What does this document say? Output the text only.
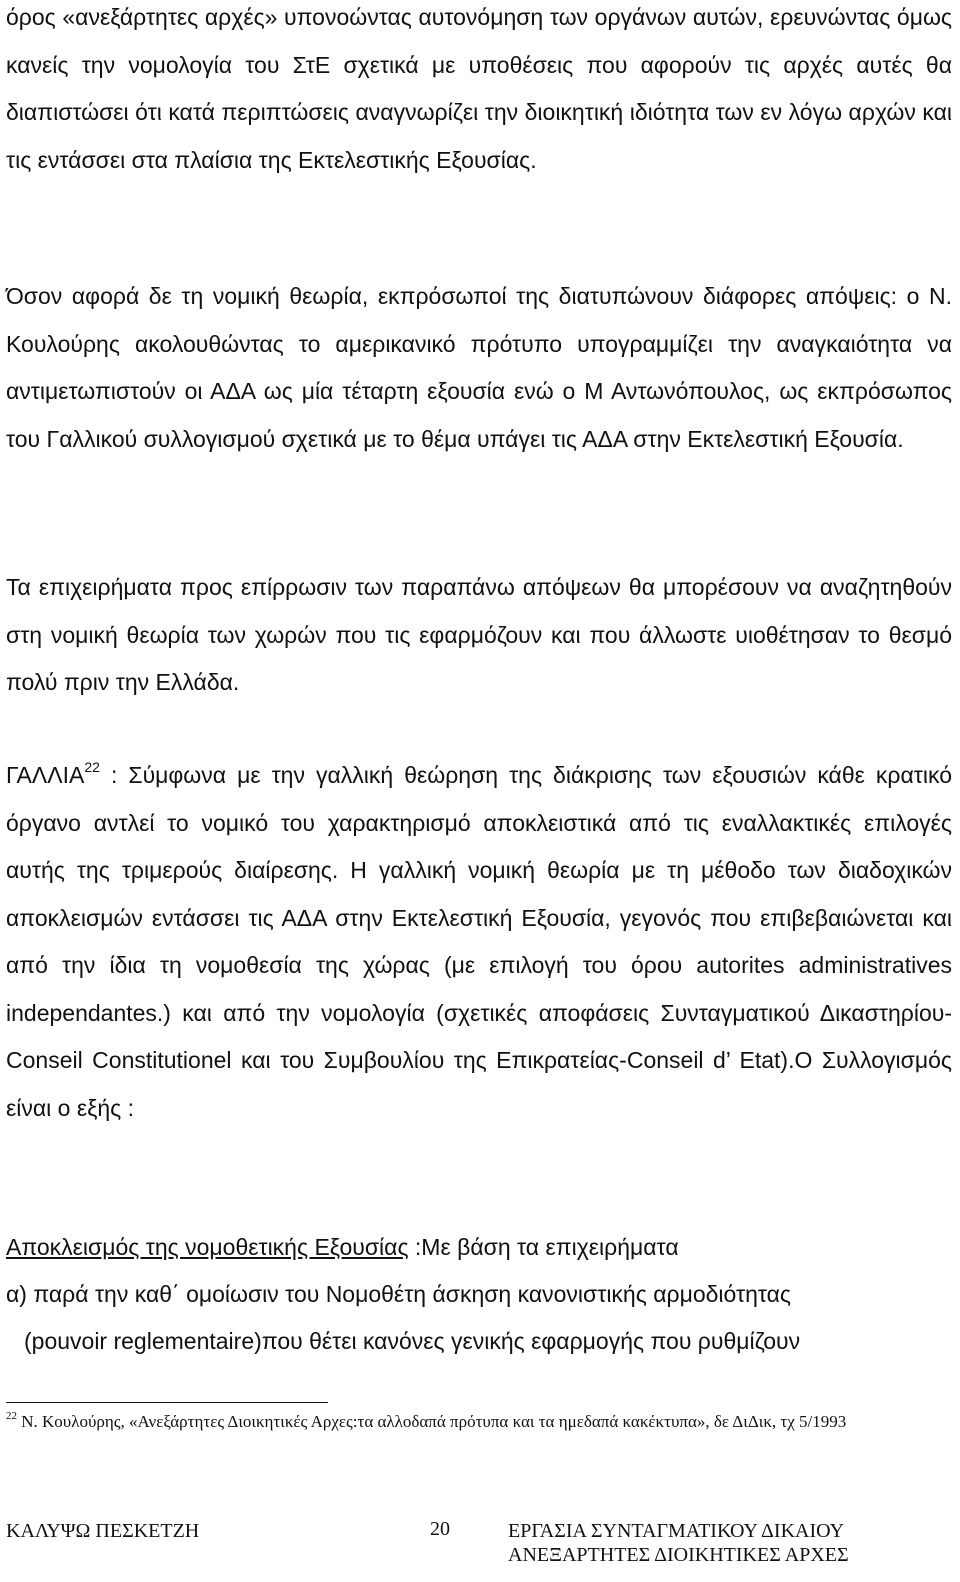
όρος «ανεξάρτητες αρχές» υπονοώντας αυτονόμηση των οργάνων αυτών, ερευνώντας όμως κανείς την νομολογία του ΣτΕ σχετικά με υποθέσεις που αφορούν τις αρχές αυτές θα διαπιστώσει ότι κατά περιπτώσεις αναγνωρίζει την διοικητική ιδιότητα των εν λόγω αρχών και τις εντάσσει στα πλαίσια της Εκτελεστικής Εξουσίας.

Όσον αφορά δε τη νομική θεωρία, εκπρόσωποί της διατυπώνουν διάφορες απόψεις: ο Ν. Κουλούρης ακολουθώντας το αμερικανικό πρότυπο υπογραμμίζει την αναγκαιότητα να αντιμετωπιστούν οι ΑΔΑ ως μία τέταρτη εξουσία ενώ ο Μ Αντωνόπουλος, ως εκπρόσωπος του Γαλλικού συλλογισμού σχετικά με το θέμα υπάγει τις ΑΔΑ στην Εκτελεστική Εξουσία.

Τα επιχειρήματα προς επίρρωσιν των παραπάνω απόψεων θα μπορέσουν να αναζητηθούν στη νομική θεωρία των χωρών που τις εφαρμόζουν και που άλλωστε υιοθέτησαν το θεσμό πολύ πριν την Ελλάδα.

ΓΑΛΛΙΑ$^{22}$ : Σύμφωνα με την γαλλική θεώρηση της διάκρισης των εξουσιών κάθε κρατικό όργανο αντλεί το νομικό του χαρακτηρισμό αποκλειστικά από τις εναλλακτικές επιλογές αυτής της τριμερούς διαίρεσης. Η γαλλική νομική θεωρία με τη μέθοδο των διαδοχικών αποκλεισμών εντάσσει τις ΑΔΑ στην Εκτελεστική Εξουσία, γεγονός που επιβεβαιώνεται και από την ίδια τη νομοθεσία της χώρας (με επιλογή του όρου autorites administratives independantes.) και από την νομολογία (σχετικές αποφάσεις Συνταγματικού Δικαστηρίου-Conseil Constitutionel και του Συμβουλίου της Επικρατείας-Conseil d’ Etat).Ο Συλλογισμός είναι ο εξής :

Αποκλεισμός της νομοθετικής Εξουσίας :Με βάση τα επιχειρήματα

α) παρά την καθ΄ ομοίωσιν του Νομοθέτη άσκηση κανονιστικής αρμοδιότητας

(pouvoir reglementaire)που θέτει κανόνες γενικής εφαρμογής που ρυθμίζουν

$^{22}$ Ν. Κουλούρης, «Ανεξάρτητες Διοικητικές Αρχες:τα αλλοδαπά πρότυπα και τα ημεδαπά κακέκτυπα», δε ΔιΔικ, τχ 5/1993

ΚΑΛΥΨΩ ΠΕΣΚΕΤΖΗ	20	ΕΡΓΑΣΙΑ ΣΥΝΤΑΓΜΑΤΙΚΟΥ ΔΙΚΑΙΟΥ
ΑΝΕΞΑΡΤΗΤΕΣ ΔΙΟΙΚΗΤΙΚΕΣ ΑΡΧΕΣ
